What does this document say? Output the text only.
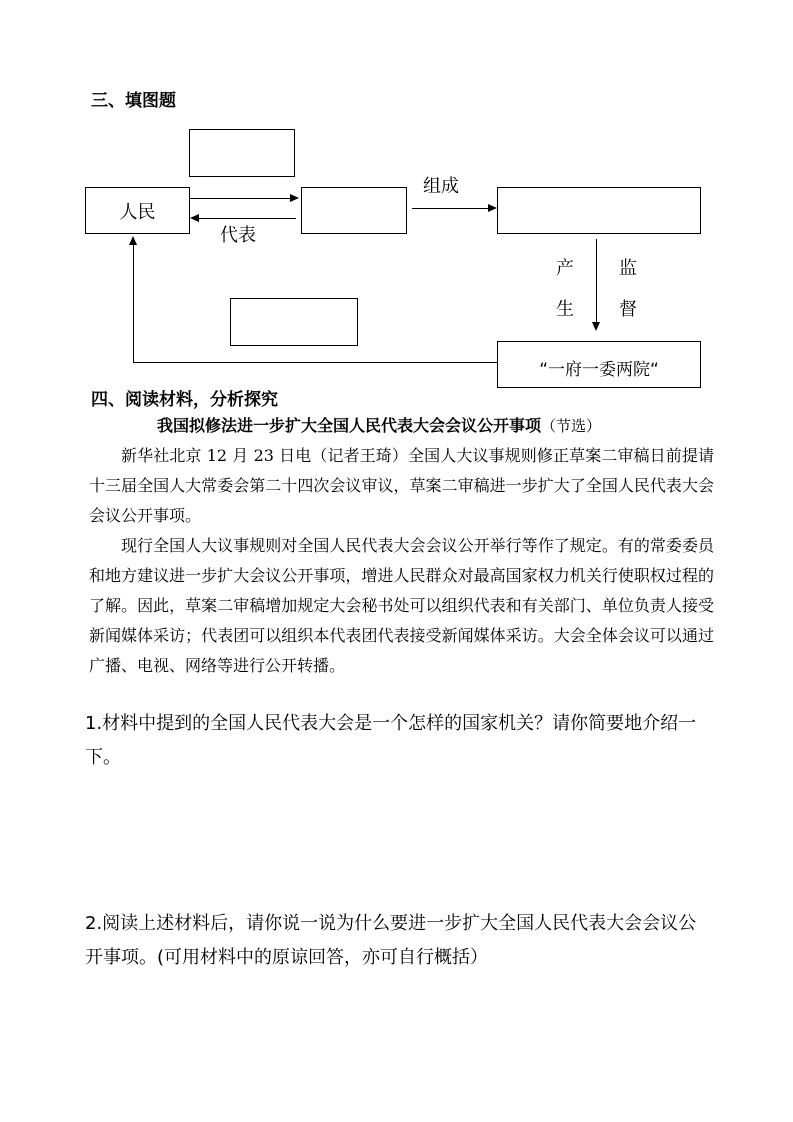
三、填图题
人民
代表
组成
产
生
监
督
“一府一委两院“
四、阅读材料，分析探究
我国拟修法进一步扩大全国人民代表大会会议公开事项（节选）
新华社北京 12 月 23 日电（记者王琦）全国人大议事规则修正草案二审稿日前提请十三届全国人大常委会第二十四次会议审议，草案二审稿进一步扩大了全国人民代表大会会议公开事项。
现行全国人大议事规则对全国人民代表大会会议公开举行等作了规定。有的常委委员和地方建议进一步扩大会议公开事项，增进人民群众对最高国家权力机关行使职权过程的了解。因此，草案二审稿增加规定大会秘书处可以组织代表和有关部门、单位负责人接受新闻媒体采访；代表团可以组织本代表团代表接受新闻媒体采访。大会全体会议可以通过广播、电视、网络等进行公开转播。
1.材料中提到的全国人民代表大会是一个怎样的国家机关？请你简要地介绍一下。
2.阅读上述材料后，请你说一说为什么要进一步扩大全国人民代表大会会议公开事项。(可用材料中的原谅回答，亦可自行概括）
